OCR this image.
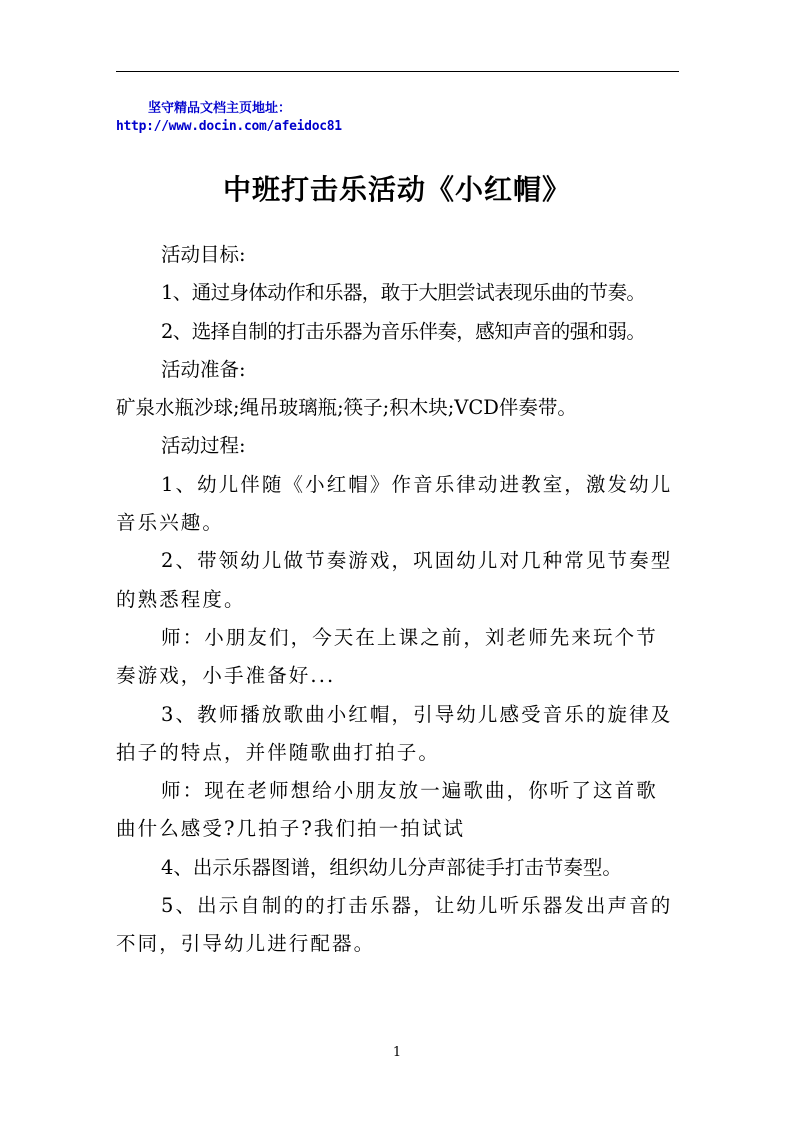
坚守精品文档主页地址：
http://www.docin.com/afeidoc81
中班打击乐活动《小红帽》

活动目标:

1、通过身体动作和乐器，敢于大胆尝试表现乐曲的节奏。

2、选择自制的打击乐器为音乐伴奏，感知声音的强和弱。

活动准备:

矿泉水瓶沙球;绳吊玻璃瓶;筷子;积木块;VCD伴奏带。

活动过程:

1、幼儿伴随《小红帽》作音乐律动进教室，激发幼儿音乐兴趣。

2、带领幼儿做节奏游戏，巩固幼儿对几种常见节奏型的熟悉程度。

师：小朋友们，今天在上课之前，刘老师先来玩个节奏游戏，小手准备好...

3、教师播放歌曲小红帽，引导幼儿感受音乐的旋律及拍子的特点，并伴随歌曲打拍子。

师：现在老师想给小朋友放一遍歌曲，你听了这首歌曲什么感受?几拍子?我们拍一拍试试

4、出示乐器图谱，组织幼儿分声部徒手打击节奏型。

5、出示自制的的打击乐器，让幼儿听乐器发出声音的不同，引导幼儿进行配器。

1
